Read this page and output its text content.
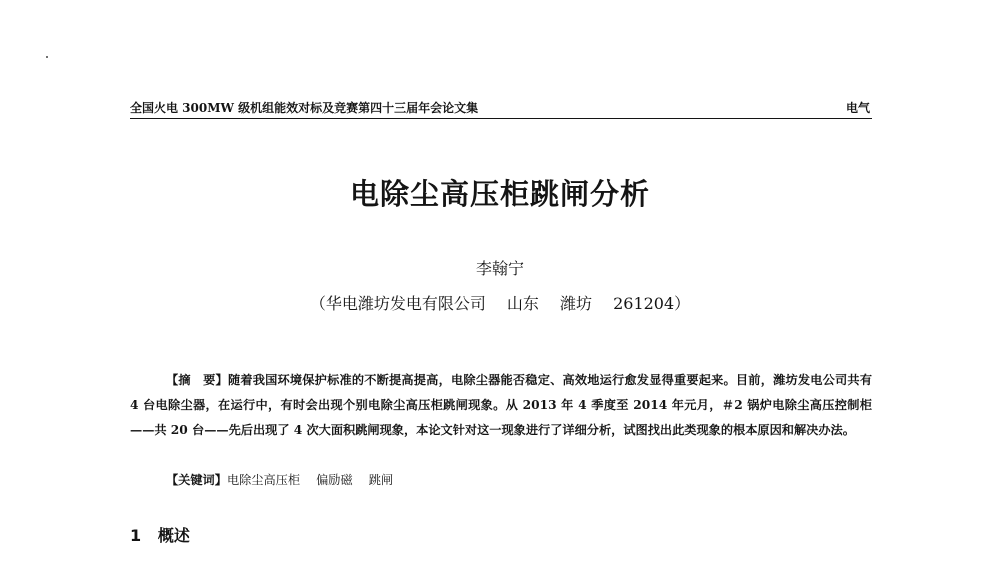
全国火电 300MW 级机组能效对标及竞赛第四十三届年会论文集	电气
电除尘高压柜跳闸分析
李翰宁
（华电潍坊发电有限公司　 山东　 潍坊　 261204）
【摘　要】随着我国环境保护标准的不断提高提高，电除尘器能否稳定、高效地运行愈发显得重要起来。目前，潍坊发电公司共有 4 台电除尘器，在运行中，有时会出现个别电除尘高压柜跳闸现象。从 2013 年 4 季度至 2014 年元月，＃2 锅炉电除尘高压控制柜——共 20 台——先后出现了 4 次大面积跳闸现象，本论文针对这一现象进行了详细分析，试图找出此类现象的根本原因和解决办法。
【关键词】电除尘高压柜　 偏励磁　 跳闸
1 概述
